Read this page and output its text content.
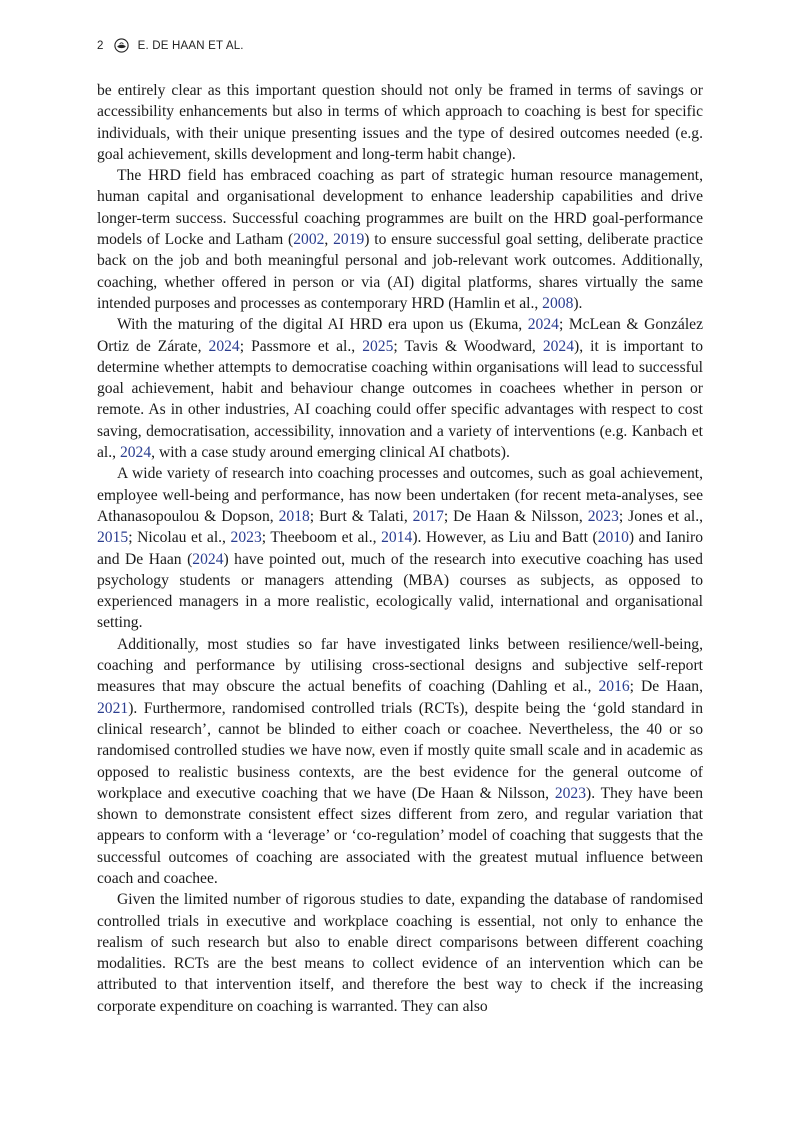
2	E. DE HAAN ET AL.

be entirely clear as this important question should not only be framed in terms of savings or accessibility enhancements but also in terms of which approach to coaching is best for specific individuals, with their unique presenting issues and the type of desired outcomes needed (e.g. goal achievement, skills development and long-term habit change).

The HRD field has embraced coaching as part of strategic human resource management, human capital and organisational development to enhance leadership capabilities and drive longer-term success. Successful coaching programmes are built on the HRD goal-performance models of Locke and Latham (2002, 2019) to ensure successful goal setting, deliberate practice back on the job and both meaningful personal and job-relevant work outcomes. Additionally, coaching, whether offered in person or via (AI) digital platforms, shares virtually the same intended purposes and processes as contemporary HRD (Hamlin et al., 2008).

With the maturing of the digital AI HRD era upon us (Ekuma, 2024; McLean & González Ortiz de Zárate, 2024; Passmore et al., 2025; Tavis & Woodward, 2024), it is important to determine whether attempts to democratise coaching within organisations will lead to successful goal achievement, habit and behaviour change outcomes in coachees whether in person or remote. As in other industries, AI coaching could offer specific advantages with respect to cost saving, democratisation, accessibility, innovation and a variety of interventions (e.g. Kanbach et al., 2024, with a case study around emerging clinical AI chatbots).

A wide variety of research into coaching processes and outcomes, such as goal achievement, employee well-being and performance, has now been undertaken (for recent meta-analyses, see Athanasopoulou & Dopson, 2018; Burt & Talati, 2017; De Haan & Nilsson, 2023; Jones et al., 2015; Nicolau et al., 2023; Theeboom et al., 2014). However, as Liu and Batt (2010) and Ianiro and De Haan (2024) have pointed out, much of the research into executive coaching has used psychology students or managers attending (MBA) courses as subjects, as opposed to experienced managers in a more realistic, ecologically valid, international and organisational setting.

Additionally, most studies so far have investigated links between resilience/well-being, coaching and performance by utilising cross-sectional designs and subjective self-report measures that may obscure the actual benefits of coaching (Dahling et al., 2016; De Haan, 2021). Furthermore, randomised controlled trials (RCTs), despite being the ‘gold standard in clinical research’, cannot be blinded to either coach or coachee. Nevertheless, the 40 or so randomised controlled studies we have now, even if mostly quite small scale and in academic as opposed to realistic business contexts, are the best evidence for the general outcome of workplace and executive coaching that we have (De Haan & Nilsson, 2023). They have been shown to demonstrate consistent effect sizes different from zero, and regular variation that appears to conform with a ‘leverage’ or ‘co-regulation’ model of coaching that suggests that the successful outcomes of coaching are associated with the greatest mutual influence between coach and coachee.

Given the limited number of rigorous studies to date, expanding the database of randomised controlled trials in executive and workplace coaching is essential, not only to enhance the realism of such research but also to enable direct comparisons between different coaching modalities. RCTs are the best means to collect evidence of an intervention which can be attributed to that intervention itself, and therefore the best way to check if the increasing corporate expenditure on coaching is warranted. They can also
